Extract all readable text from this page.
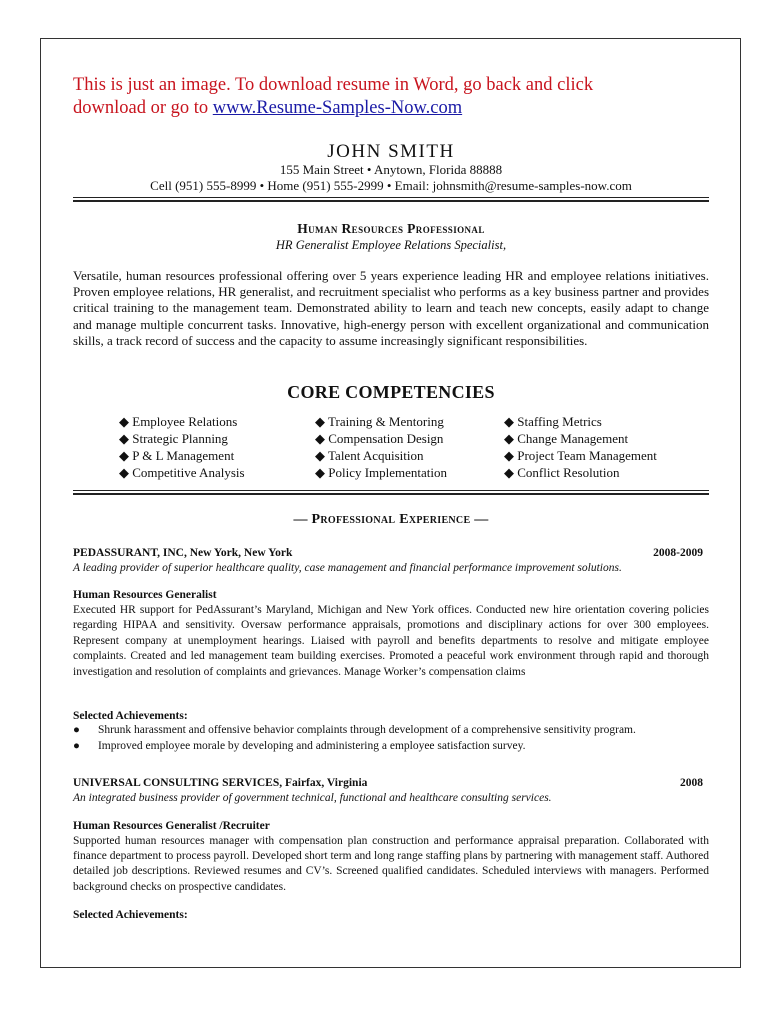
This is just an image. To download resume in Word, go back and click
download or go to www.Resume-Samples-Now.com
JOHN SMITH
155 Main Street • Anytown, Florida 88888
Cell (951) 555-8999 • Home (951) 555-2999 • Email: johnsmith@resume-samples-now.com
Human Resources Professional
HR Generalist Employee Relations Specialist,
Versatile, human resources professional offering over 5 years experience leading HR and employee relations initiatives. Proven employee relations, HR generalist, and recruitment specialist who performs as a key business partner and provides critical training to the management team. Demonstrated ability to learn and teach new concepts, easily adapt to change and manage multiple concurrent tasks. Innovative, high-energy person with excellent organizational and communication skills, a track record of success and the capacity to assume increasingly significant responsibilities.
CORE COMPETENCIES
◆ Employee Relations
◆ Strategic Planning
◆ P & L Management
◆ Competitive Analysis
◆ Training & Mentoring
◆ Compensation Design
◆ Talent Acquisition
◆ Policy Implementation
◆ Staffing Metrics
◆ Change Management
◆ Project Team Management
◆ Conflict Resolution
— Professional Experience —
PEDASSURANT, INC, New York, New York	2008-2009
A leading provider of superior healthcare quality, case management and financial performance improvement solutions.
Human Resources Generalist
Executed HR support for PedAssurant’s Maryland, Michigan and New York offices. Conducted new hire orientation covering policies regarding HIPAA and sensitivity. Oversaw performance appraisals, promotions and disciplinary actions for over 300 employees. Represent company at unemployment hearings. Liaised with payroll and benefits departments to resolve and mitigate employee complaints. Created and led management team building exercises. Promoted a peaceful work environment through rapid and thorough investigation and resolution of complaints and grievances. Manage Worker’s compensation claims
Selected Achievements:
● Shrunk harassment and offensive behavior complaints through development of a comprehensive sensitivity program.
● Improved employee morale by developing and administering a employee satisfaction survey.
UNIVERSAL CONSULTING SERVICES, Fairfax, Virginia	2008
An integrated business provider of government technical, functional and healthcare consulting services.
Human Resources Generalist /Recruiter
Supported human resources manager with compensation plan construction and performance appraisal preparation. Collaborated with finance department to process payroll. Developed short term and long range staffing plans by partnering with management staff. Authored detailed job descriptions. Reviewed resumes and CV’s. Screened qualified candidates. Scheduled interviews with managers. Performed background checks on prospective candidates.
Selected Achievements:
